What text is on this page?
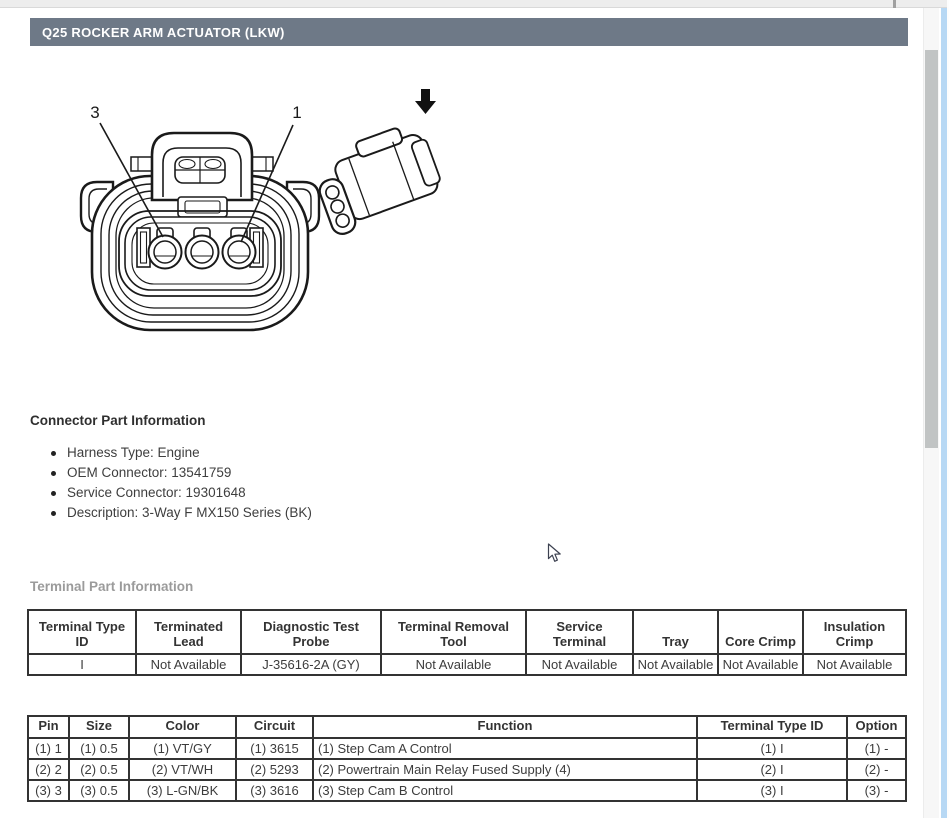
Q25 ROCKER ARM ACTUATOR (LKW)
3	1
Connector Part Information
Harness Type: Engine
OEM Connector: 13541759
Service Connector: 19301648
Description: 3-Way F MX150 Series (BK)
Terminal Part Information
Terminal Type ID	Terminated Lead	Diagnostic Test Probe	Terminal Removal Tool	Service Terminal	Tray	Core Crimp	Insulation Crimp
I	Not Available	J-35616-2A (GY)	Not Available	Not Available	Not Available	Not Available	Not Available
Pin	Size	Color	Circuit	Function	Terminal Type ID	Option
(1) 1	(1) 0.5	(1) VT/GY	(1) 3615	(1) Step Cam A Control	(1) I	(1) -
(2) 2	(2) 0.5	(2) VT/WH	(2) 5293	(2) Powertrain Main Relay Fused Supply (4)	(2) I	(2) -
(3) 3	(3) 0.5	(3) L-GN/BK	(3) 3616	(3) Step Cam B Control	(3) I	(3) -
